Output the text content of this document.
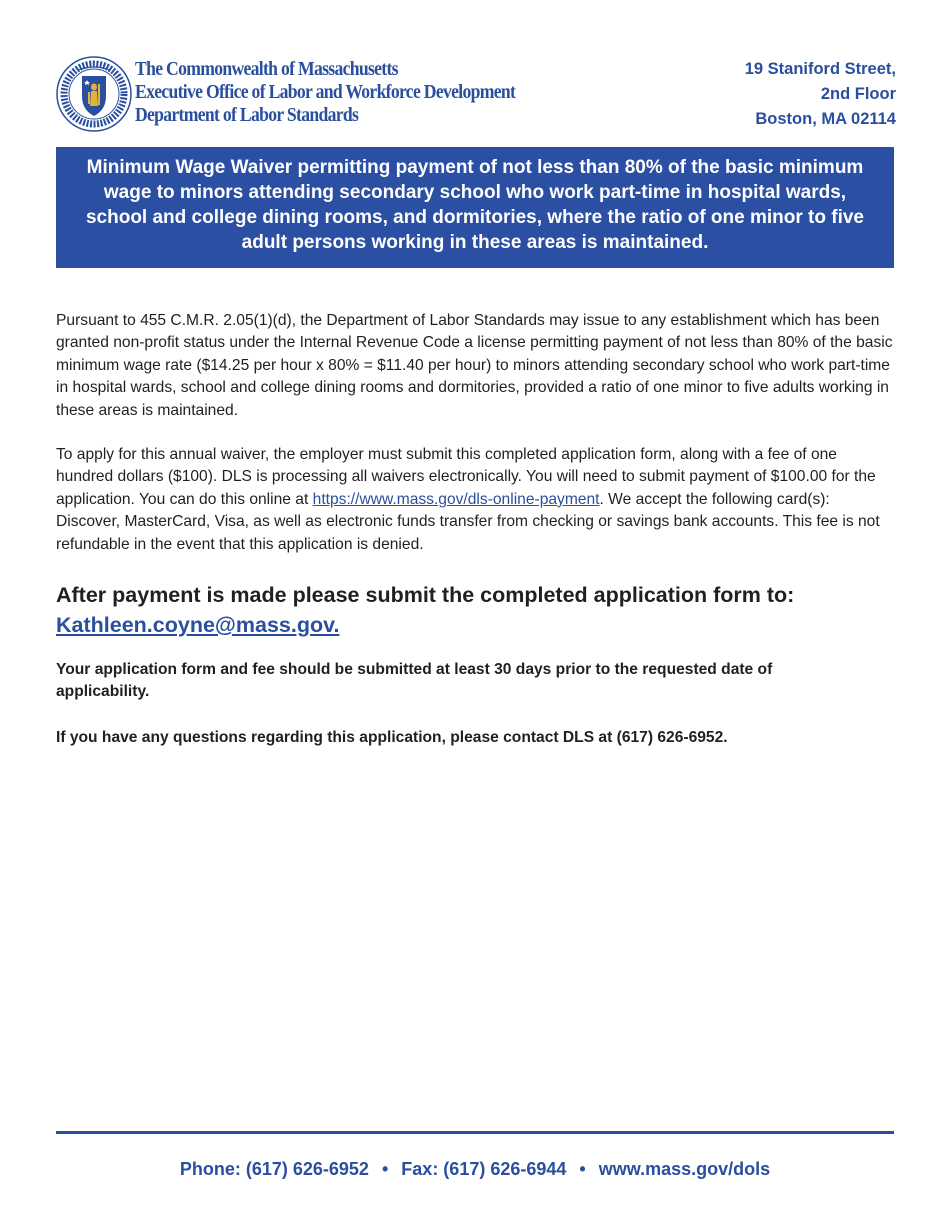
The Commonwealth of Massachusetts
Executive Office of Labor and Workforce Development
Department of Labor Standards
19 Staniford Street,
2nd Floor
Boston, MA 02114
Minimum Wage Waiver permitting payment of not less than 80% of the basic minimum wage to minors attending secondary school who work part-time in hospital wards, school and college dining rooms, and dormitories, where the ratio of one minor to five adult persons working in these areas is maintained.
Pursuant to 455 C.M.R. 2.05(1)(d), the Department of Labor Standards may issue to any establishment which has been granted non-profit status under the Internal Revenue Code a license permitting payment of not less than 80% of the basic minimum wage rate ($14.25 per hour x 80% = $11.40 per hour) to minors attending secondary school who work part-time in hospital wards, school and college dining rooms and dormitories, provided a ratio of one minor to five adults working in these areas is maintained.
To apply for this annual waiver, the employer must submit this completed application form, along with a fee of one hundred dollars ($100). DLS is processing all waivers electronically. You will need to submit payment of $100.00 for the application. You can do this online at https://www.mass.gov/dls-online-payment. We accept the following card(s): Discover, MasterCard, Visa, as well as electronic funds transfer from checking or savings bank accounts. This fee is not refundable in the event that this application is denied.
After payment is made please submit the completed application form to:
Kathleen.coyne@mass.gov.
Your application form and fee should be submitted at least 30 days prior to the requested date of applicability.
If you have any questions regarding this application, please contact DLS at (617) 626-6952.
Phone: (617) 626-6952 • Fax: (617) 626-6944 • www.mass.gov/dols
